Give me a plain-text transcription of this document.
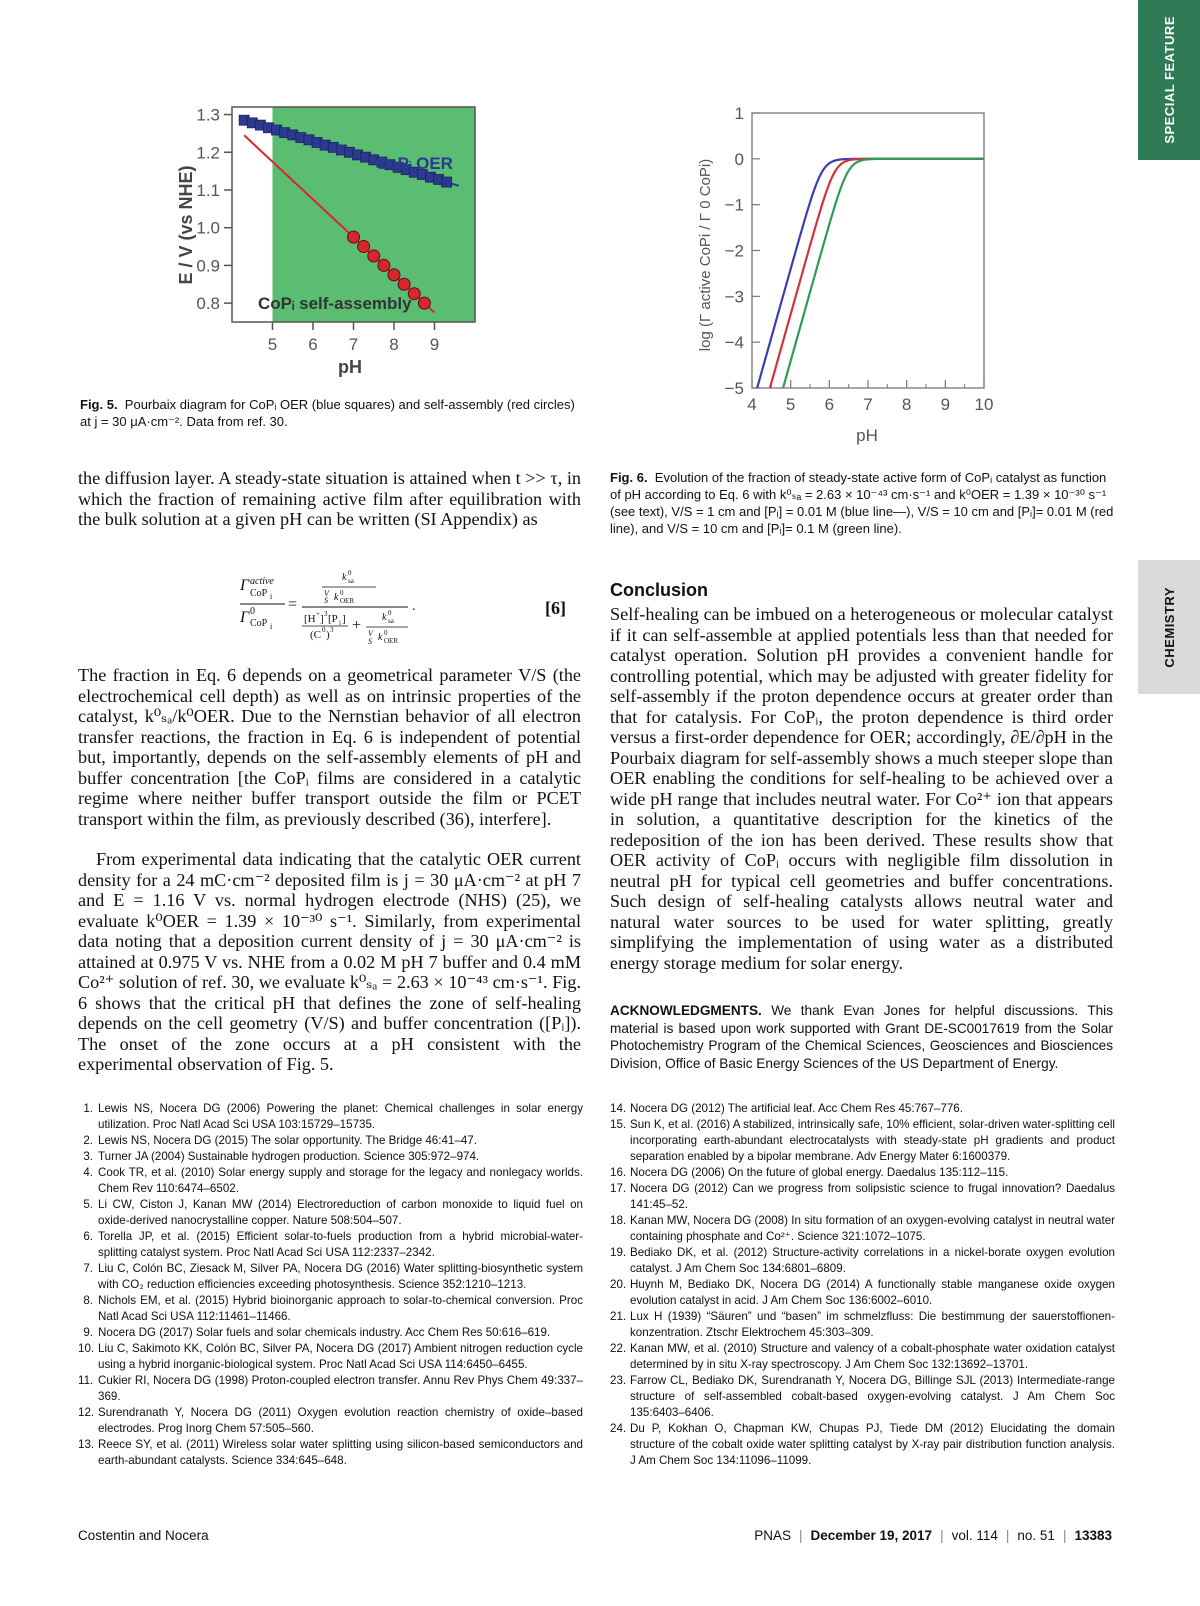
SPECIAL FEATURE
CHEMISTRY
5 6 7 8 9
1.3
1.2
1.1
1.0
0.9
0.8
E / V (vs NHE)
pH
CoPᵢ OER
CoPᵢ self-assembly
Fig. 5. Pourbaix diagram for CoPᵢ OER (blue squares) and self-assembly (red circles) at j = 30 μA·cm⁻². Data from ref. 30.
4 5 6 7 8 9 10
1
0
−1
−2
−3
−4
−5
log (Γ active CoPi / Γ 0 CoPi)
pH
Fig. 6. Evolution of the fraction of steady-state active form of CoPᵢ catalyst as function of pH according to Eq. 6 with k⁰ₛₐ = 2.63 × 10⁻⁴³ cm·s⁻¹ and k⁰OER = 1.39 × 10⁻³⁰ s⁻¹ (see text), V/S = 1 cm and [Pᵢ] = 0.01 M (blue line—), V/S = 10 cm and [Pᵢ]= 0.01 M (red line), and V/S = 10 cm and [Pᵢ]= 0.1 M (green line).

the diffusion layer. A steady-state situation is attained when t >> τ, in which the fraction of remaining active film after equilibration with the bulk solution at a given pH can be written (SI Appendix) as

Γ active
CoP i
Γ 0
CoP i
=
k 0
sa
V
S k 0
OER
[H + ] 3 [P i ]
(C 0 ) 3 + k 0
sa
V
S k 0
OER
.	[6]

The fraction in Eq. 6 depends on a geometrical parameter V/S (the electrochemical cell depth) as well as on intrinsic properties of the catalyst, k⁰ₛₐ/k⁰OER. Due to the Nernstian behavior of all electron transfer reactions, the fraction in Eq. 6 is independent of potential but, importantly, depends on the self-assembly elements of pH and buffer concentration [the CoPᵢ films are considered in a catalytic regime where neither buffer transport outside the film or PCET transport within the film, as previously described (36), interfere].

From experimental data indicating that the catalytic OER current density for a 24 mC·cm⁻² deposited film is j = 30 μA·cm⁻² at pH 7 and E = 1.16 V vs. normal hydrogen electrode (NHS) (25), we evaluate k⁰OER = 1.39 × 10⁻³⁰ s⁻¹. Similarly, from experimental data noting that a deposition current density of j = 30 μA·cm⁻² is attained at 0.975 V vs. NHE from a 0.02 M pH 7 buffer and 0.4 mM Co²⁺ solution of ref. 30, we evaluate k⁰ₛₐ = 2.63 × 10⁻⁴³ cm·s⁻¹. Fig. 6 shows that the critical pH that defines the zone of self-healing depends on the cell geometry (V/S) and buffer concentration ([Pᵢ]). The onset of the zone occurs at a pH consistent with the experimental observation of Fig. 5.

Conclusion

Self-healing can be imbued on a heterogeneous or molecular catalyst if it can self-assemble at applied potentials less than that needed for catalyst operation. Solution pH provides a convenient handle for controlling potential, which may be adjusted with greater fidelity for self-assembly if the proton dependence occurs at greater order than that for catalysis. For CoPᵢ, the proton dependence is third order versus a first-order dependence for OER; accordingly, ∂E/∂pH in the Pourbaix diagram for self-assembly shows a much steeper slope than OER enabling the conditions for self-healing to be achieved over a wide pH range that includes neutral water. For Co²⁺ ion that appears in solution, a quantitative description for the kinetics of the redeposition of the ion has been derived. These results show that OER activity of CoPᵢ occurs with negligible film dissolution in neutral pH for typical cell geometries and buffer concentrations. Such design of self-healing catalysts allows neutral water and natural water sources to be used for water splitting, greatly simplifying the implementation of using water as a distributed energy storage medium for solar energy.

ACKNOWLEDGMENTS. We thank Evan Jones for helpful discussions. This material is based upon work supported with Grant DE-SC0017619 from the Solar Photochemistry Program of the Chemical Sciences, Geosciences and Biosciences Division, Office of Basic Energy Sciences of the US Department of Energy.
1. Lewis NS, Nocera DG (2006) Powering the planet: Chemical challenges in solar energy utilization. Proc Natl Acad Sci USA 103:15729–15735.
2. Lewis NS, Nocera DG (2015) The solar opportunity. The Bridge 46:41–47.
3. Turner JA (2004) Sustainable hydrogen production. Science 305:972–974.
4. Cook TR, et al. (2010) Solar energy supply and storage for the legacy and nonlegacy worlds. Chem Rev 110:6474–6502.
5. Li CW, Ciston J, Kanan MW (2014) Electroreduction of carbon monoxide to liquid fuel on oxide-derived nanocrystalline copper. Nature 508:504–507.
6. Torella JP, et al. (2015) Efficient solar-to-fuels production from a hybrid microbial-water-splitting catalyst system. Proc Natl Acad Sci USA 112:2337–2342.
7. Liu C, Colón BC, Ziesack M, Silver PA, Nocera DG (2016) Water splitting-biosynthetic system with CO₂ reduction efficiencies exceeding photosynthesis. Science 352:1210–1213.
8. Nichols EM, et al. (2015) Hybrid bioinorganic approach to solar-to-chemical conversion. Proc Natl Acad Sci USA 112:11461–11466.
9. Nocera DG (2017) Solar fuels and solar chemicals industry. Acc Chem Res 50:616–619.
10. Liu C, Sakimoto KK, Colón BC, Silver PA, Nocera DG (2017) Ambient nitrogen reduction cycle using a hybrid inorganic-biological system. Proc Natl Acad Sci USA 114:6450–6455.
11. Cukier RI, Nocera DG (1998) Proton-coupled electron transfer. Annu Rev Phys Chem 49:337–369.
12. Surendranath Y, Nocera DG (2011) Oxygen evolution reaction chemistry of oxide–based electrodes. Prog Inorg Chem 57:505–560.
13. Reece SY, et al. (2011) Wireless solar water splitting using silicon-based semiconductors and earth-abundant catalysts. Science 334:645–648.
14. Nocera DG (2012) The artificial leaf. Acc Chem Res 45:767–776.
15. Sun K, et al. (2016) A stabilized, intrinsically safe, 10% efficient, solar-driven water-splitting cell incorporating earth-abundant electrocatalysts with steady-state pH gradients and product separation enabled by a bipolar membrane. Adv Energy Mater 6:1600379.
16. Nocera DG (2006) On the future of global energy. Daedalus 135:112–115.
17. Nocera DG (2012) Can we progress from solipsistic science to frugal innovation? Daedalus 141:45–52.
18. Kanan MW, Nocera DG (2008) In situ formation of an oxygen-evolving catalyst in neutral water containing phosphate and Co²⁺. Science 321:1072–1075.
19. Bediako DK, et al. (2012) Structure-activity correlations in a nickel-borate oxygen evolution catalyst. J Am Chem Soc 134:6801–6809.
20. Huynh M, Bediako DK, Nocera DG (2014) A functionally stable manganese oxide oxygen evolution catalyst in acid. J Am Chem Soc 136:6002–6010.
21. Lux H (1939) “Säuren” und “basen” im schmelzfluss: Die bestimmung der sauerstoffionen-konzentration. Ztschr Elektrochem 45:303–309.
22. Kanan MW, et al. (2010) Structure and valency of a cobalt-phosphate water oxidation catalyst determined by in situ X-ray spectroscopy. J Am Chem Soc 132:13692–13701.
23. Farrow CL, Bediako DK, Surendranath Y, Nocera DG, Billinge SJL (2013) Intermediate-range structure of self-assembled cobalt-based oxygen-evolving catalyst. J Am Chem Soc 135:6403–6406.
24. Du P, Kokhan O, Chapman KW, Chupas PJ, Tiede DM (2012) Elucidating the domain structure of the cobalt oxide water splitting catalyst by X-ray pair distribution function analysis. J Am Chem Soc 134:11096–11099.
Costentin and Nocera	PNAS | December 19, 2017 | vol. 114 | no. 51 | 13383
